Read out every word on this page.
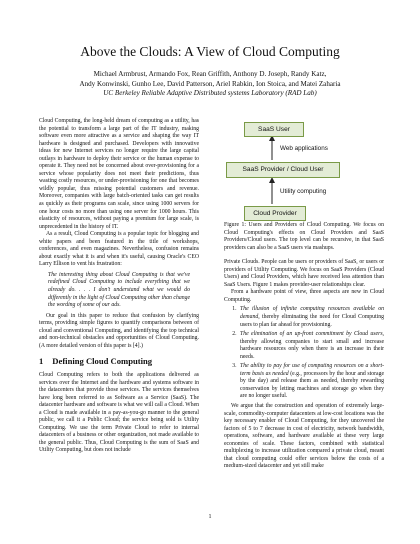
Above the Clouds: A View of Cloud Computing
Michael Armbrust, Armando Fox, Rean Griffith, Anthony D. Joseph, Randy Katz,
Andy Konwinski, Gunho Lee, David Patterson, Ariel Rabkin, Ion Stoica, and Matei Zaharia
UC Berkeley Reliable Adaptive Distributed systems Laboratory (RAD Lab)

Cloud Computing, the long-held dream of computing as a utility, has the potential to transform a large part of the IT industry, making software even more attractive as a service and shaping the way IT hardware is designed and purchased. Developers with innovative ideas for new Internet services no longer require the large capital outlays in hardware to deploy their service or the human expense to operate it. They need not be concerned about over-provisioning for a service whose popularity does not meet their predictions, thus wasting costly resources, or under-provisioning for one that becomes wildly popular, thus missing potential customers and revenue. Moreover, companies with large batch-oriented tasks can get results as quickly as their programs can scale, since using 1000 servers for one hour costs no more than using one server for 1000 hours. This elasticity of resources, without paying a premium for large scale, is unprecedented in the history of IT.

As a result, Cloud Computing is a popular topic for blogging and white papers and been featured in the title of workshops, conferences, and even magazines. Nevertheless, confusion remains about exactly what it is and when it's useful, causing Oracle's CEO Larry Ellison to vent his frustration:

The interesting thing about Cloud Computing is that we've redefined Cloud Computing to include everything that we already do. . . . I don't understand what we would do differently in the light of Cloud Computing other than change the wording of some of our ads.

Our goal in this paper to reduce that confusion by clarifying terms, providing simple figures to quantify comparisons between of cloud and conventional Computing, and identifying the top technical and non-technical obstacles and opportunities of Cloud Computing. (A more detailed version of this paper is [4].)

1 Defining Cloud Computing

Cloud Computing refers to both the applications delivered as services over the Internet and the hardware and systems software in the datacenters that provide those services. The services themselves have long been referred to as Software as a Service (SaaS). The datacenter hardware and software is what we will call a Cloud. When a Cloud is made available in a pay-as-you-go manner to the general public, we call it a Public Cloud; the service being sold is Utility Computing. We use the term Private Cloud to refer to internal datacenters of a business or other organization, not made available to the general public. Thus, Cloud Computing is the sum of SaaS and Utility Computing, but does not include

SaaS User
Web applications
SaaS Provider / Cloud User
Utility computing
Cloud Provider

Figure 1: Users and Providers of Cloud Computing. We focus on Cloud Computing's effects on Cloud Providers and SaaS Providers/Cloud users. The top level can be recursive, in that SaaS providers can also be a SaaS users via mashups.

Private Clouds. People can be users or providers of SaaS, or users or providers of Utility Computing. We focus on SaaS Providers (Cloud Users) and Cloud Providers, which have received less attention than SaaS Users. Figure 1 makes provider-user relationships clear.

From a hardware point of view, three aspects are new in Cloud Computing.

1. The illusion of infinite computing resources available on demand, thereby eliminating the need for Cloud Computing users to plan far ahead for provisioning.
2. The elimination of an up-front commitment by Cloud users, thereby allowing companies to start small and increase hardware resources only when there is an increase in their needs.
3. The ability to pay for use of computing resources on a short-term basis as needed (e.g., processors by the hour and storage by the day) and release them as needed, thereby rewarding conservation by letting machines and storage go when they are no longer useful.

We argue that the construction and operation of extremely large-scale, commodity-computer datacenters at low-cost locations was the key necessary enabler of Cloud Computing, for they uncovered the factors of 5 to 7 decrease in cost of electricity, network bandwidth, operations, software, and hardware available at these very large economies of scale. These factors, combined with statistical multiplexing to increase utilization compared a private cloud, meant that cloud computing could offer services below the costs of a medium-sized datacenter and yet still make

1
